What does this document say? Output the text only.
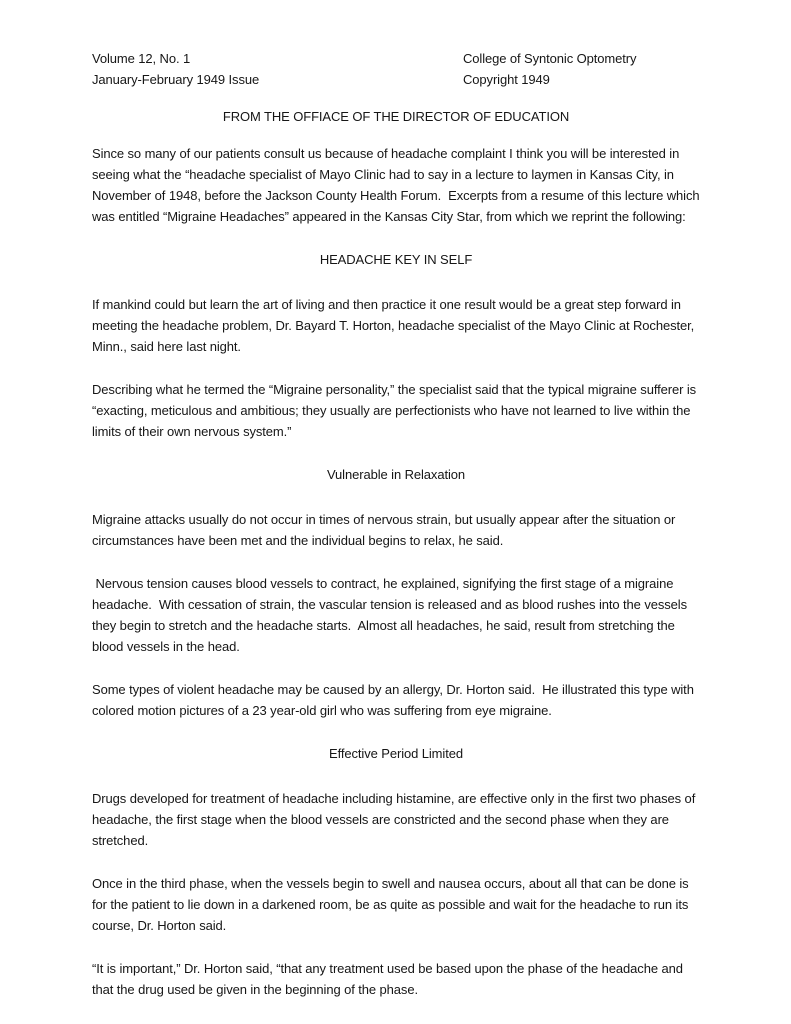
Volume 12, No. 1	College of Syntonic Optometry
January-February 1949 Issue	Copyright 1949
FROM THE OFFIACE OF THE DIRECTOR OF EDUCATION
Since so many of our patients consult us because of headache complaint I think you will be interested in seeing what the “headache specialist of Mayo Clinic had to say in a lecture to laymen in Kansas City, in November of 1948, before the Jackson County Health Forum.  Excerpts from a resume of this lecture which was entitled “Migraine Headaches” appeared in the Kansas City Star, from which we reprint the following:
HEADACHE KEY IN SELF
If mankind could but learn the art of living and then practice it one result would be a great step forward in meeting the headache problem, Dr. Bayard T. Horton, headache specialist of the Mayo Clinic at Rochester, Minn., said here last night.
Describing what he termed the “Migraine personality,” the specialist said that the typical migraine sufferer is “exacting, meticulous and ambitious; they usually are perfectionists who have not learned to live within the limits of their own nervous system.”
Vulnerable in Relaxation
Migraine attacks usually do not occur in times of nervous strain, but usually appear after the situation or circumstances have been met and the individual begins to relax, he said.
Nervous tension causes blood vessels to contract, he explained, signifying the first stage of a migraine headache.  With cessation of strain, the vascular tension is released and as blood rushes into the vessels they begin to stretch and the headache starts.  Almost all headaches, he said, result from stretching the blood vessels in the head.
Some types of violent headache may be caused by an allergy, Dr. Horton said.  He illustrated this type with colored motion pictures of a 23 year-old girl who was suffering from eye migraine.
Effective Period Limited
Drugs developed for treatment of headache including histamine, are effective only in the first two phases of headache, the first stage when the blood vessels are constricted and the second phase when they are stretched.
Once in the third phase, when the vessels begin to swell and nausea occurs, about all that can be done is for the patient to lie down in a darkened room, be as quite as possible and wait for the headache to run its course, Dr. Horton said.
“It is important,” Dr. Horton said, “that any treatment used be based upon the phase of the headache and that the drug used be given in the beginning of the phase.
